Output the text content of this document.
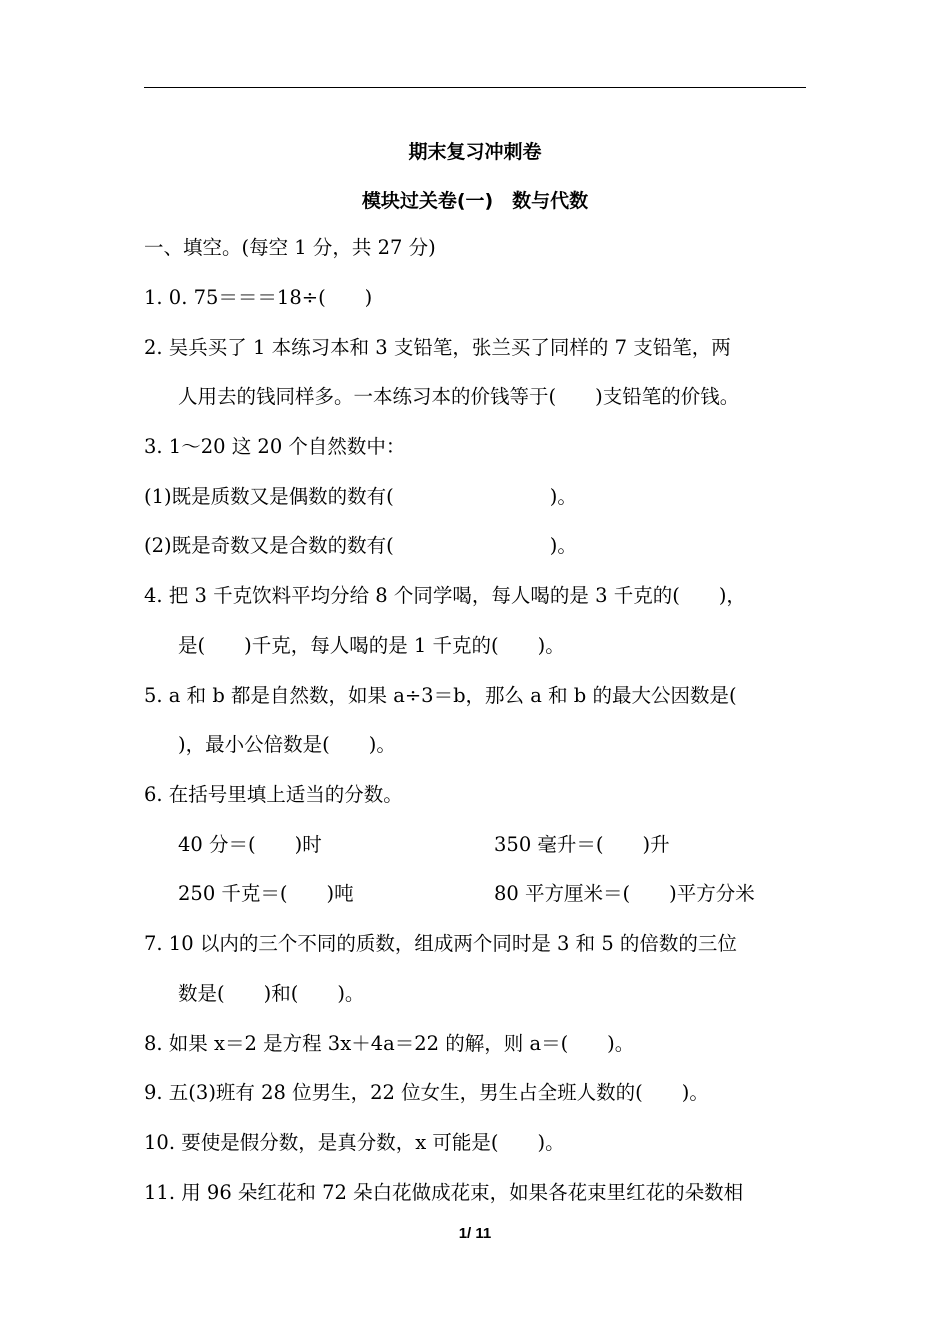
期末复习冲刺卷
模块过关卷(一)　数与代数
一、填空。(每空 1 分，共 27 分)
1. 0. 75＝＝＝18÷(　　)
2. 吴兵买了 1 本练习本和 3 支铅笔，张兰买了同样的 7 支铅笔，两
人用去的钱同样多。一本练习本的价钱等于(　　)支铅笔的价钱。
3. 1～20 这 20 个自然数中：
(1)既是质数又是偶数的数有(　　　　　　　　)。
(2)既是奇数又是合数的数有(　　　　　　　　)。
4. 把 3 千克饮料平均分给 8 个同学喝，每人喝的是 3 千克的(　　)，
是(　　)千克，每人喝的是 1 千克的(　　)。
5. a 和 b 都是自然数，如果 a÷3＝b，那么 a 和 b 的最大公因数是(
)，最小公倍数是(　　)。
6. 在括号里填上适当的分数。
40 分＝(　　)时	350 毫升＝(　　)升
250 千克＝(　　)吨	80 平方厘米＝(　　)平方分米
7. 10 以内的三个不同的质数，组成两个同时是 3 和 5 的倍数的三位
数是(　　)和(　　)。
8. 如果 x＝2 是方程 3x＋4a＝22 的解，则 a＝(　　)。
9. 五(3)班有 28 位男生，22 位女生，男生占全班人数的(　　)。
10. 要使是假分数，是真分数，x 可能是(　　)。
11. 用 96 朵红花和 72 朵白花做成花束，如果各花束里红花的朵数相
1/ 11
